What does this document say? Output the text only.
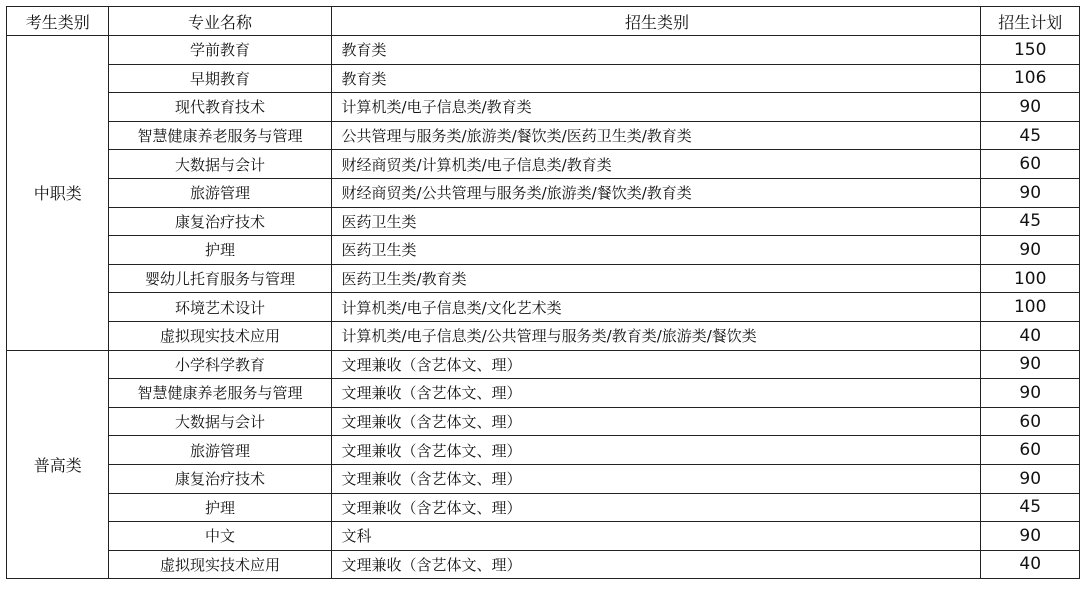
考生类别	专业名称	招生类别	招生计划
中职类	学前教育	教育类	150
	早期教育	教育类	106
	现代教育技术	计算机类/电子信息类/教育类	90
	智慧健康养老服务与管理	公共管理与服务类/旅游类/餐饮类/医药卫生类/教育类	45
	大数据与会计	财经商贸类/计算机类/电子信息类/教育类	60
	旅游管理	财经商贸类/公共管理与服务类/旅游类/餐饮类/教育类	90
	康复治疗技术	医药卫生类	45
	护理	医药卫生类	90
	婴幼儿托育服务与管理	医药卫生类/教育类	100
	环境艺术设计	计算机类/电子信息类/文化艺术类	100
	虚拟现实技术应用	计算机类/电子信息类/公共管理与服务类/教育类/旅游类/餐饮类	40
普高类	小学科学教育	文理兼收（含艺体文、理）	90
	智慧健康养老服务与管理	文理兼收（含艺体文、理）	90
	大数据与会计	文理兼收（含艺体文、理）	60
	旅游管理	文理兼收（含艺体文、理）	60
	康复治疗技术	文理兼收（含艺体文、理）	90
	护理	文理兼收（含艺体文、理）	45
	中文	文科	90
	虚拟现实技术应用	文理兼收（含艺体文、理）	40
